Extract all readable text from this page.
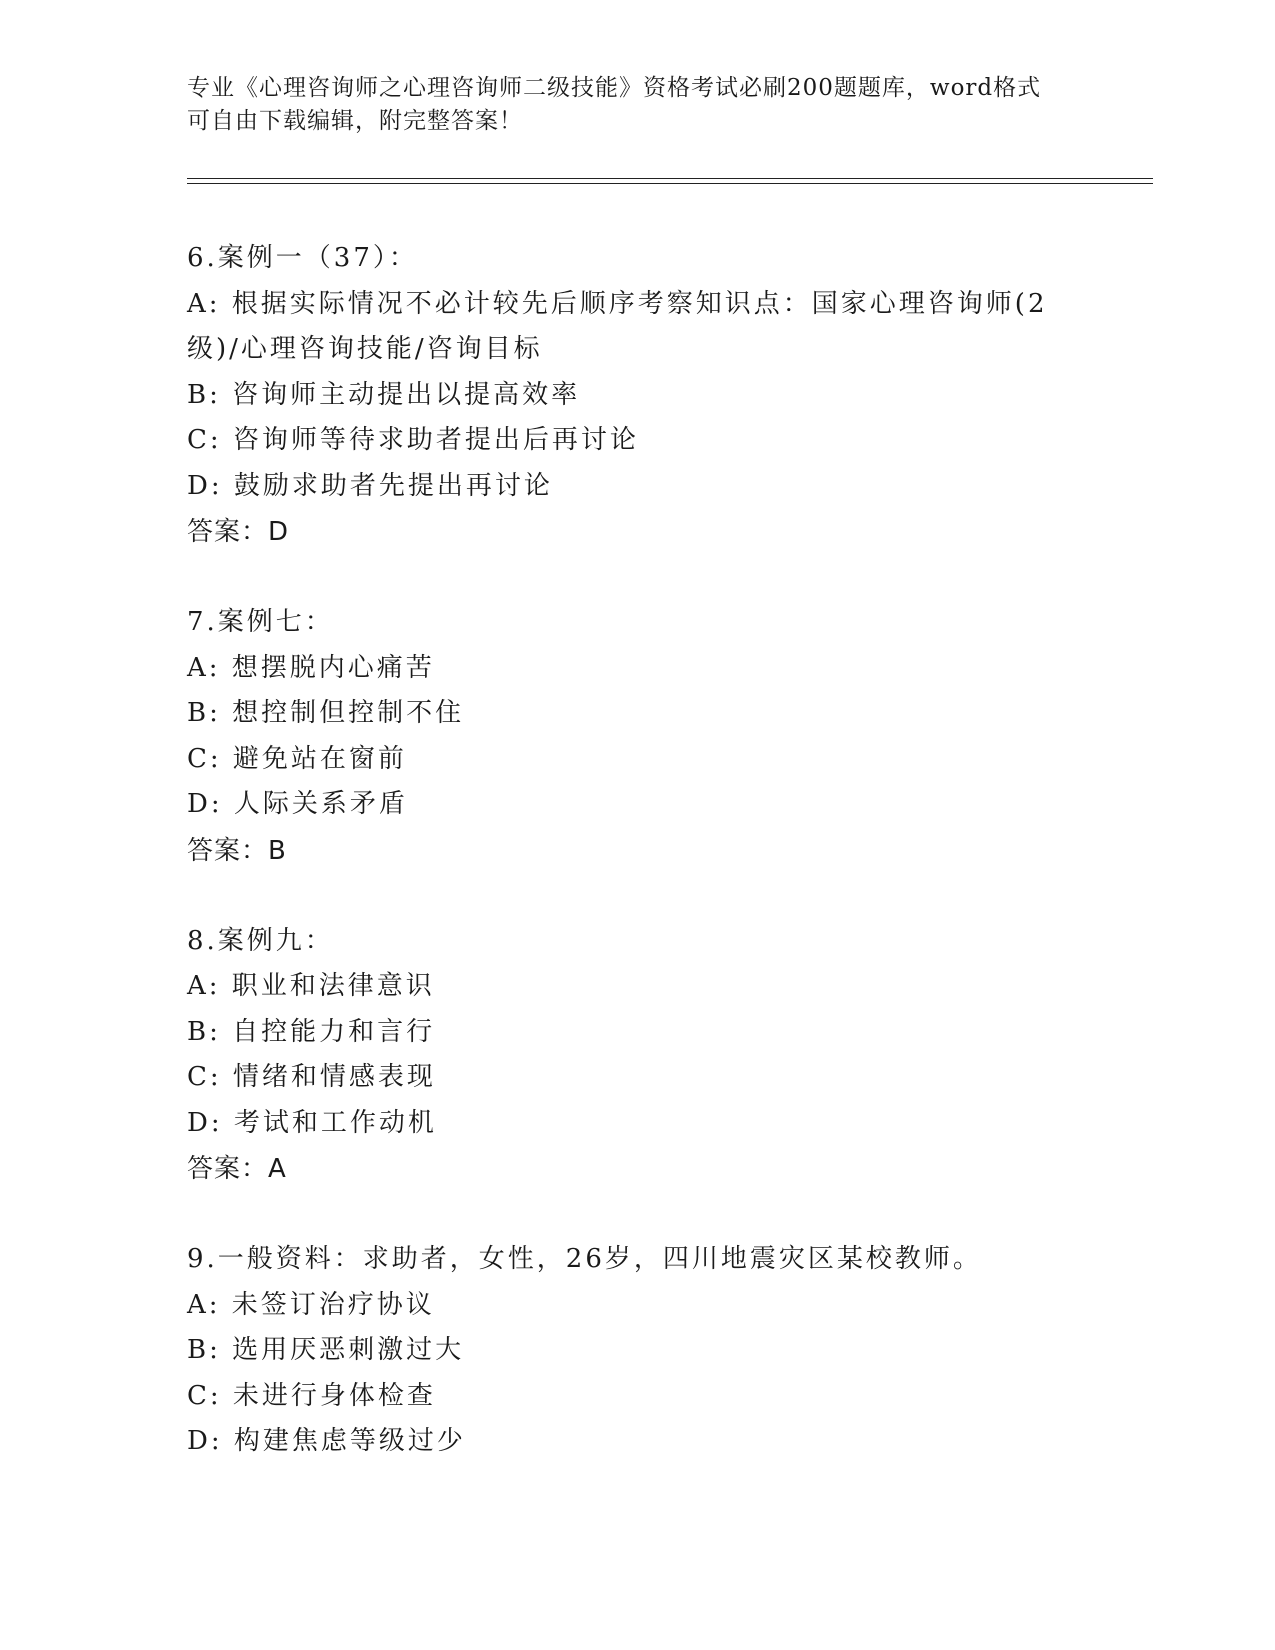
专业《心理咨询师之心理咨询师二级技能》资格考试必刷200题题库，word格式
可自由下载编辑，附完整答案！
6.案例一（37）：
A: 根据实际情况不必计较先后顺序考察知识点：国家心理咨询师(2级)/心理咨询技能/咨询目标
B: 咨询师主动提出以提高效率
C: 咨询师等待求助者提出后再讨论
D: 鼓励求助者先提出再讨论
答案：D
7.案例七：
A: 想摆脱内心痛苦
B: 想控制但控制不住
C: 避免站在窗前
D: 人际关系矛盾
答案：B
8.案例九：
A: 职业和法律意识
B: 自控能力和言行
C: 情绪和情感表现
D: 考试和工作动机
答案：A
9.一般资料：求助者，女性，26岁，四川地震灾区某校教师。
A: 未签订治疗协议
B: 选用厌恶刺激过大
C: 未进行身体检查
D: 构建焦虑等级过少
